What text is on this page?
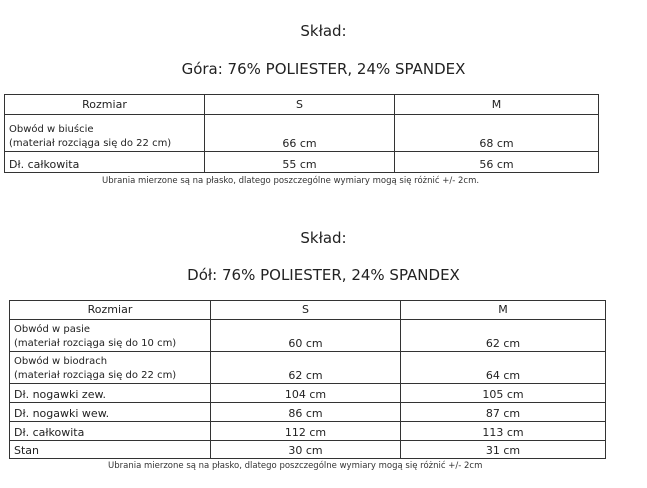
Skład:
Góra: 76% POLIESTER, 24% SPANDEX
Rozmiar	S	M

Obwód w biuście
(materiał rozciąga się do 22 cm)	66 cm	68 cm
Dł. całkowita	55 cm	56 cm
Ubrania mierzone są na płasko, dlatego poszczególne wymiary mogą się różnić +/- 2cm.
Skład:
Dół: 76% POLIESTER, 24% SPANDEX
Rozmiar	S	M

Obwód w pasie
(materiał rozciąga się do 10 cm)	60 cm	62 cm

Obwód w biodrach
(materiał rozciąga się do 22 cm)	62 cm	64 cm
Dł. nogawki zew.	104 cm	105 cm
Dł. nogawki wew.	86 cm	87 cm
Dł. całkowita	112 cm	113 cm
Stan	30 cm	31 cm
Ubrania mierzone są na płasko, dlatego poszczególne wymiary mogą się różnić +/- 2cm
